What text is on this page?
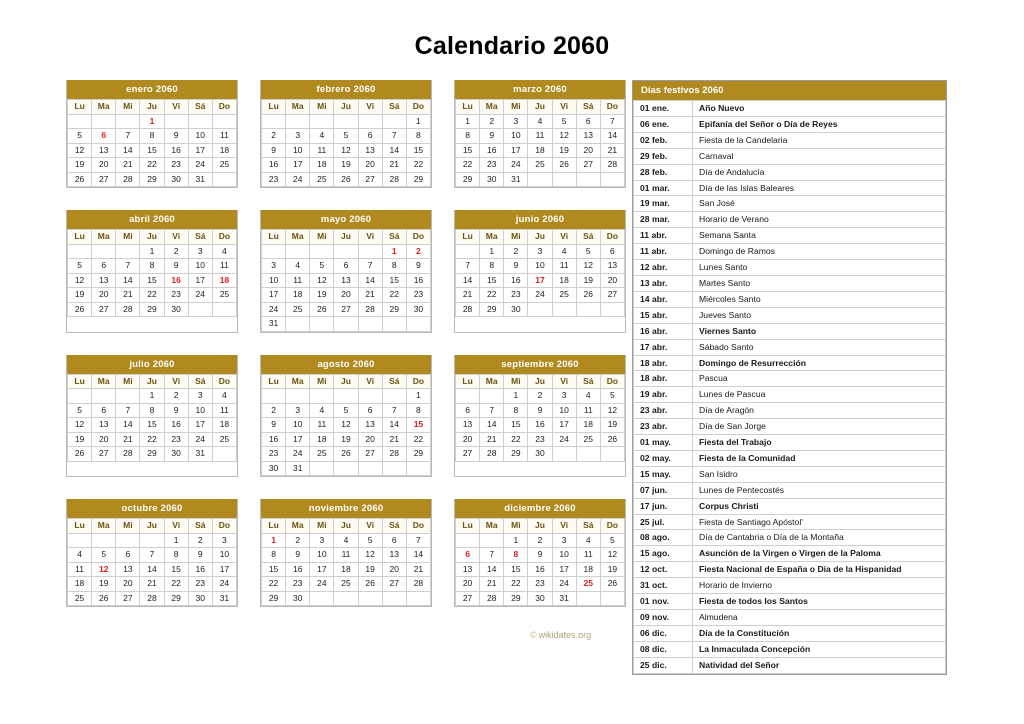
Calendario 2060
enero 2060
Lu	Ma	Mi	Ju	Vi	Sá	Do
			1			
5	6	7	8	9	10	11
12	13	14	15	16	17	18
19	20	21	22	23	24	25
26	27	28	29	30	31	
febrero 2060
Lu	Ma	Mi	Ju	Vi	Sá	Do
						1
2	3	4	5	6	7	8
9	10	11	12	13	14	15
16	17	18	19	20	21	22
23	24	25	26	27	28	29
marzo 2060
Lu	Ma	Mi	Ju	Vi	Sá	Do
1	2	3	4	5	6	7
8	9	10	11	12	13	14
15	16	17	18	19	20	21
22	23	24	25	26	27	28
29	30	31				
abril 2060
Lu	Ma	Mi	Ju	Vi	Sá	Do
			1	2	3	4
5	6	7	8	9	10	11
12	13	14	15	16	17	18
19	20	21	22	23	24	25
26	27	28	29	30		
mayo 2060
Lu	Ma	Mi	Ju	Vi	Sá	Do
					1	2
3	4	5	6	7	8	9
10	11	12	13	14	15	16
17	18	19	20	21	22	23
24	25	26	27	28	29	30
31						
junio 2060
Lu	Ma	Mi	Ju	Vi	Sá	Do
	1	2	3	4	5	6
7	8	9	10	11	12	13
14	15	16	17	18	19	20
21	22	23	24	25	26	27
28	29	30				
julio 2060
Lu	Ma	Mi	Ju	Vi	Sá	Do
			1	2	3	4
5	6	7	8	9	10	11
12	13	14	15	16	17	18
19	20	21	22	23	24	25
26	27	28	29	30	31	
agosto 2060
Lu	Ma	Mi	Ju	Vi	Sá	Do
						1
2	3	4	5	6	7	8
9	10	11	12	13	14	15
16	17	18	19	20	21	22
23	24	25	26	27	28	29
30	31					
septiembre 2060
Lu	Ma	Mi	Ju	Vi	Sá	Do
		1	2	3	4	5
6	7	8	9	10	11	12
13	14	15	16	17	18	19
20	21	22	23	24	25	26
27	28	29	30			
octubre 2060
Lu	Ma	Mi	Ju	Vi	Sá	Do
				1	2	3
4	5	6	7	8	9	10
11	12	13	14	15	16	17
18	19	20	21	22	23	24
25	26	27	28	29	30	31
noviembre 2060
Lu	Ma	Mi	Ju	Vi	Sá	Do
1	2	3	4	5	6	7
8	9	10	11	12	13	14
15	16	17	18	19	20	21
22	23	24	25	26	27	28
29	30					
diciembre 2060
Lu	Ma	Mi	Ju	Vi	Sá	Do
		1	2	3	4	5
6	7	8	9	10	11	12
13	14	15	16	17	18	19
20	21	22	23	24	25	26
27	28	29	30	31		
Días festivos 2060
01 ene.	Año Nuevo
06 ene.	Epifanía del Señor o Día de Reyes
02 feb.	Fiesta de la Candelaria
29 feb.	Carnaval
28 feb.	Día de Andalucía
01 mar.	Día de las Islas Baleares
19 mar.	San José
28 mar.	Horario de Verano
11 abr.	Semana Santa
11 abr.	Domingo de Ramos
12 abr.	Lunes Santo
13 abr.	Martes Santo
14 abr.	Miércoles Santo
15 abr.	Jueves Santo
16 abr.	Viernes Santo
17 abr.	Sábado Santo
18 abr.	Domingo de Resurrección
18 abr.	Pascua
19 abr.	Lunes de Pascua
23 abr.	Día de Aragón
23 abr.	Día de San Jorge
01 may.	Fiesta del Trabajo
02 may.	Fiesta de la Comunidad
15 may.	San Isidro
07 jun.	Lunes de Pentecostés
17 jun.	Corpus Christi
25 jul.	Fiesta de Santiago Apóstol'
08 ago.	Día de Cantabria o Día de la Montaña
15 ago.	Asunción de la Virgen o Virgen de la Paloma
12 oct.	Fiesta Nacional de España o Día de la Hispanidad
31 oct.	Horario de Invierno
01 nov.	Fiesta de todos los Santos
09 nov.	Almudena
06 dic.	Día de la Constitución
08 dic.	La Inmaculada Concepción
25 dic.	Natividad del Señor
© wikidates.org
